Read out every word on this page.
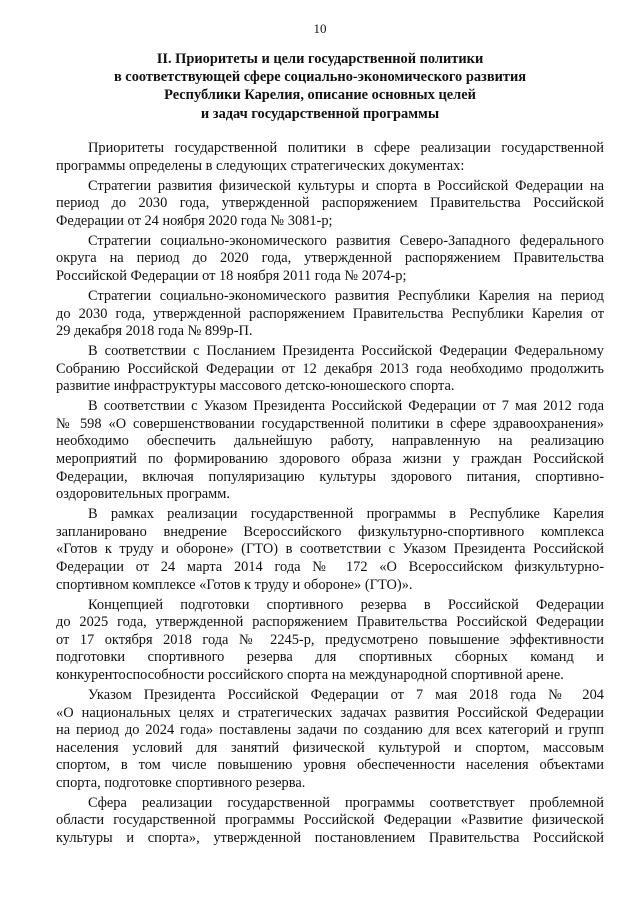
10
II. Приоритеты и цели государственной политики
в соответствующей сфере социально-экономического развития
Республики Карелия, описание основных целей
и задач государственной программы
Приоритеты государственной политики в сфере реализации государственной
программы определены в следующих стратегических документах:
Стратегии развития физической культуры и спорта в Российской Федерации на
период до 2030 года, утвержденной распоряжением Правительства Российской
Федерации от 24 ноября 2020 года № 3081-р;
Стратегии социально-экономического развития Северо-Западного федерального
округа на период до 2020 года, утвержденной распоряжением Правительства
Российской Федерации от 18 ноября 2011 года № 2074-р;
Стратегии социально-экономического развития Республики Карелия на период
до 2030 года, утвержденной распоряжением Правительства Республики Карелия от
29 декабря 2018 года № 899р-П.
В соответствии с Посланием Президента Российской Федерации Федеральному
Собранию Российской Федерации от 12 декабря 2013 года необходимо продолжить
развитие инфраструктуры массового детско-юношеского спорта.
В соответствии с Указом Президента Российской Федерации от 7 мая 2012 года
№ 598 «О совершенствовании государственной политики в сфере здравоохранения»
необходимо обеспечить дальнейшую работу, направленную на реализацию
мероприятий по формированию здорового образа жизни у граждан Российской
Федерации, включая популяризацию культуры здорового питания, спортивно-
оздоровительных программ.
В рамках реализации государственной программы в Республике Карелия
запланировано внедрение Всероссийского физкультурно-спортивного комплекса
«Готов к труду и обороне» (ГТО) в соответствии с Указом Президента Российской
Федерации от 24 марта 2014 года № 172 «О Всероссийском физкультурно-
спортивном комплексе «Готов к труду и обороне» (ГТО)».
Концепцией подготовки спортивного резерва в Российской Федерации
до 2025 года, утвержденной распоряжением Правительства Российской Федерации
от 17 октября 2018 года № 2245-р, предусмотрено повышение эффективности
подготовки спортивного резерва для спортивных сборных команд и
конкурентоспособности российского спорта на международной спортивной арене.
Указом Президента Российской Федерации от 7 мая 2018 года № 204
«О национальных целях и стратегических задачах развития Российской Федерации
на период до 2024 года» поставлены задачи по созданию для всех категорий и групп
населения условий для занятий физической культурой и спортом, массовым
спортом, в том числе повышению уровня обеспеченности населения объектами
спорта, подготовке спортивного резерва.
Сфера реализации государственной программы соответствует проблемной
области государственной программы Российской Федерации «Развитие физической
культуры и спорта», утвержденной постановлением Правительства Российской
